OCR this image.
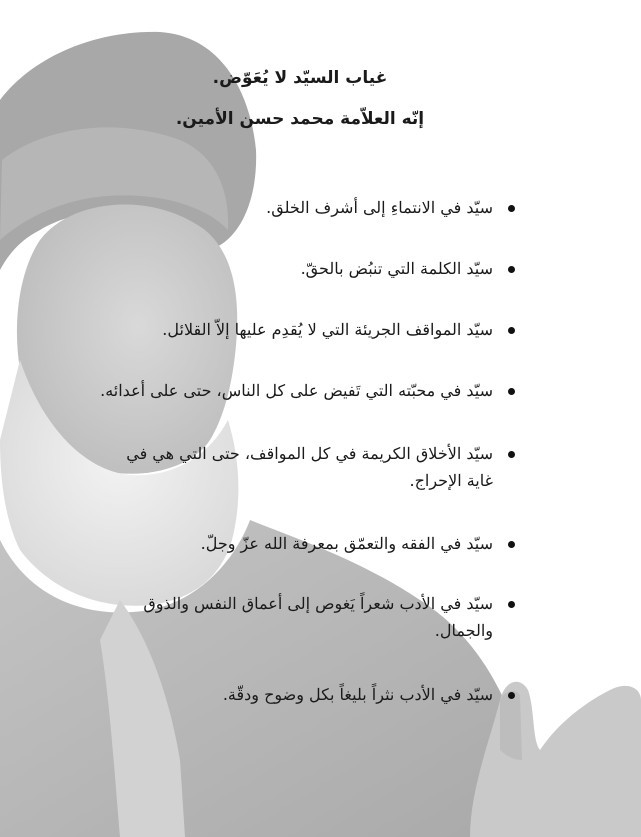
غياب السيّد لا يُعَوّض.

إنّه العلاّمة محمد حسن الأمين.

سيّد في الانتماءِ إلى أشرف الخلق.
سيّد الكلمة التي تنبُض بالحقّ.
سيّد المواقف الجريئة التي لا يُقدِم عليها إلاّ القلائل.
سيّد في محبّته التي تَفيض على كل الناس، حتى على أعدائه.
سيّد الأخلاق الكريمة في كل المواقف، حتى التي هي في غاية الإحراج.
سيّد في الفقه والتعمّق بمعرفة الله عزّ وجلّ.
سيّد في الأدب شعراً يَغوص إلى أعماق النفس والذوق والجمال.
سيّد في الأدب نثراً بليغاً بكل وضوح ودقّة.
